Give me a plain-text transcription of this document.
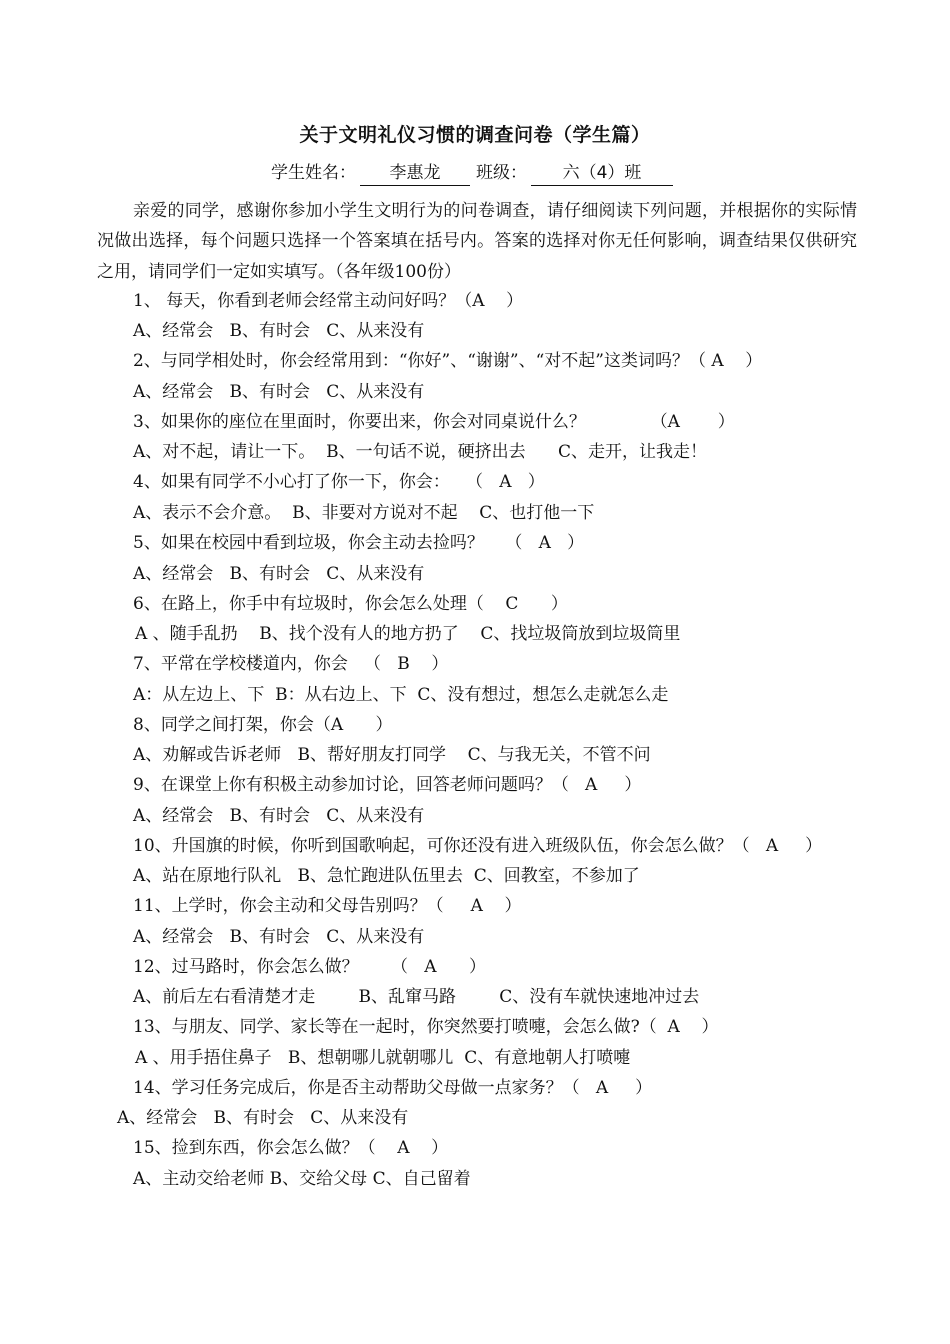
关于文明礼仪习惯的调查问卷（学生篇）
学生姓名： 李惠龙 班级： 六（4）班
亲爱的同学，感谢你参加小学生文明行为的问卷调查，请仔细阅读下列问题，并根据你的实际情况做出选择，每个问题只选择一个答案填在括号内。答案的选择对你无任何影响，调查结果仅供研究之用，请同学们一定如实填写。（各年级100份）
1、 每天，你看到老师会经常主动问好吗？（A    ）
A、经常会   B、有时会   C、从来没有
2、与同学相处时，你会经常用到：“你好”、“谢谢”、“对不起”这类词吗？（ A    ）
A、经常会   B、有时会   C、从来没有
3、如果你的座位在里面时，你要出来，你会对同桌说什么？            （A       ）
A、对不起，请让一下。  B、一句话不说，硬挤出去      C、走开，让我走！
4、如果有同学不小心打了你一下，你会：   （   A   ）
A、表示不会介意。  B、非要对方说对不起    C、也打他一下
5、如果在校园中看到垃圾，你会主动去捡吗？    （   A   ）
A、经常会   B、有时会   C、从来没有
6、在路上，你手中有垃圾时，你会怎么处理（    C      ）
A 、随手乱扔    B、找个没有人的地方扔了    C、找垃圾筒放到垃圾筒里
7、平常在学校楼道内，你会   （   B    ）
A：从左边上、下  B：从右边上、下  C、没有想过，想怎么走就怎么走
8、同学之间打架，你会（A      ）
A、劝解或告诉老师   B、帮好朋友打同学    C、与我无关，不管不问
9、在课堂上你有积极主动参加讨论，回答老师问题吗？（   A     ）
A、经常会   B、有时会   C、从来没有
10、升国旗的时候，你听到国歌响起，可你还没有进入班级队伍，你会怎么做？（   A     ）
A、站在原地行队礼   B、急忙跑进队伍里去  C、回教室，不参加了
11、上学时，你会主动和父母告别吗？（     A    ）
A、经常会   B、有时会   C、从来没有
12、过马路时，你会怎么做？      （   A      ）
A、前后左右看清楚才走        B、乱窜马路        C、没有车就快速地冲过去
13、与朋友、同学、家长等在一起时，你突然要打喷嚏，会怎么做?（  A    ）
A 、用手捂住鼻子   B、想朝哪儿就朝哪儿  C、有意地朝人打喷嚏
14、学习任务完成后，你是否主动帮助父母做一点家务？（   A     ）
A、经常会   B、有时会   C、从来没有
15、捡到东西，你会怎么做？（    A    ）
A、主动交给老师 B、交给父母 C、自己留着
